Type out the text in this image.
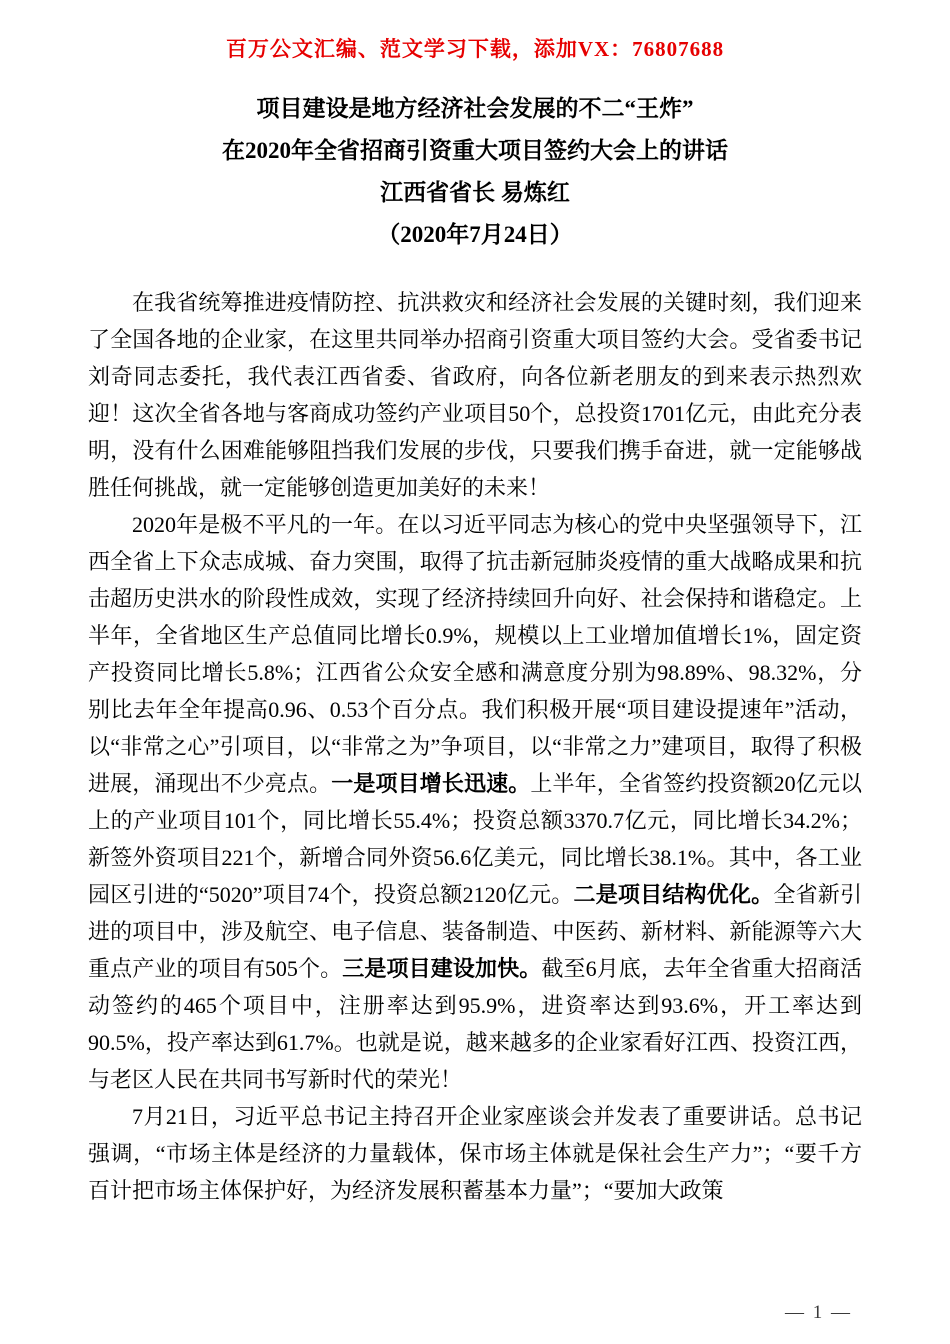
百万公文汇编、范文学习下载，添加VX：76807688
项目建设是地方经济社会发展的不二“王炸”
在2020年全省招商引资重大项目签约大会上的讲话
江西省省长 易炼红
（2020年7月24日）

在我省统筹推进疫情防控、抗洪救灾和经济社会发展的关键时刻，我们迎来了全国各地的企业家，在这里共同举办招商引资重大项目签约大会。受省委书记刘奇同志委托，我代表江西省委、省政府，向各位新老朋友的到来表示热烈欢迎！这次全省各地与客商成功签约产业项目50个，总投资1701亿元，由此充分表明，没有什么困难能够阻挡我们发展的步伐，只要我们携手奋进，就一定能够战胜任何挑战，就一定能够创造更加美好的未来！

2020年是极不平凡的一年。在以习近平同志为核心的党中央坚强领导下，江西全省上下众志成城、奋力突围，取得了抗击新冠肺炎疫情的重大战略成果和抗击超历史洪水的阶段性成效，实现了经济持续回升向好、社会保持和谐稳定。上半年，全省地区生产总值同比增长0.9%，规模以上工业增加值增长1%，固定资产投资同比增长5.8%；江西省公众安全感和满意度分别为98.89%、98.32%，分别比去年全年提高0.96、0.53个百分点。我们积极开展“项目建设提速年”活动，以“非常之心”引项目，以“非常之为”争项目，以“非常之力”建项目，取得了积极进展，涌现出不少亮点。一是项目增长迅速。上半年，全省签约投资额20亿元以上的产业项目101个，同比增长55.4%；投资总额3370.7亿元，同比增长34.2%；新签外资项目221个，新增合同外资56.6亿美元，同比增长38.1%。其中，各工业园区引进的“5020”项目74个，投资总额2120亿元。二是项目结构优化。全省新引进的项目中，涉及航空、电子信息、装备制造、中医药、新材料、新能源等六大重点产业的项目有505个。三是项目建设加快。截至6月底，去年全省重大招商活动签约的465个项目中，注册率达到95.9%，进资率达到93.6%，开工率达到90.5%，投产率达到61.7%。也就是说，越来越多的企业家看好江西、投资江西，与老区人民在共同书写新时代的荣光！

7月21日，习近平总书记主持召开企业家座谈会并发表了重要讲话。总书记强调，“市场主体是经济的力量载体，保市场主体就是保社会生产力”；“要千方百计把市场主体保护好，为经济发展积蓄基本力量”；“要加大政策

— 1 —
